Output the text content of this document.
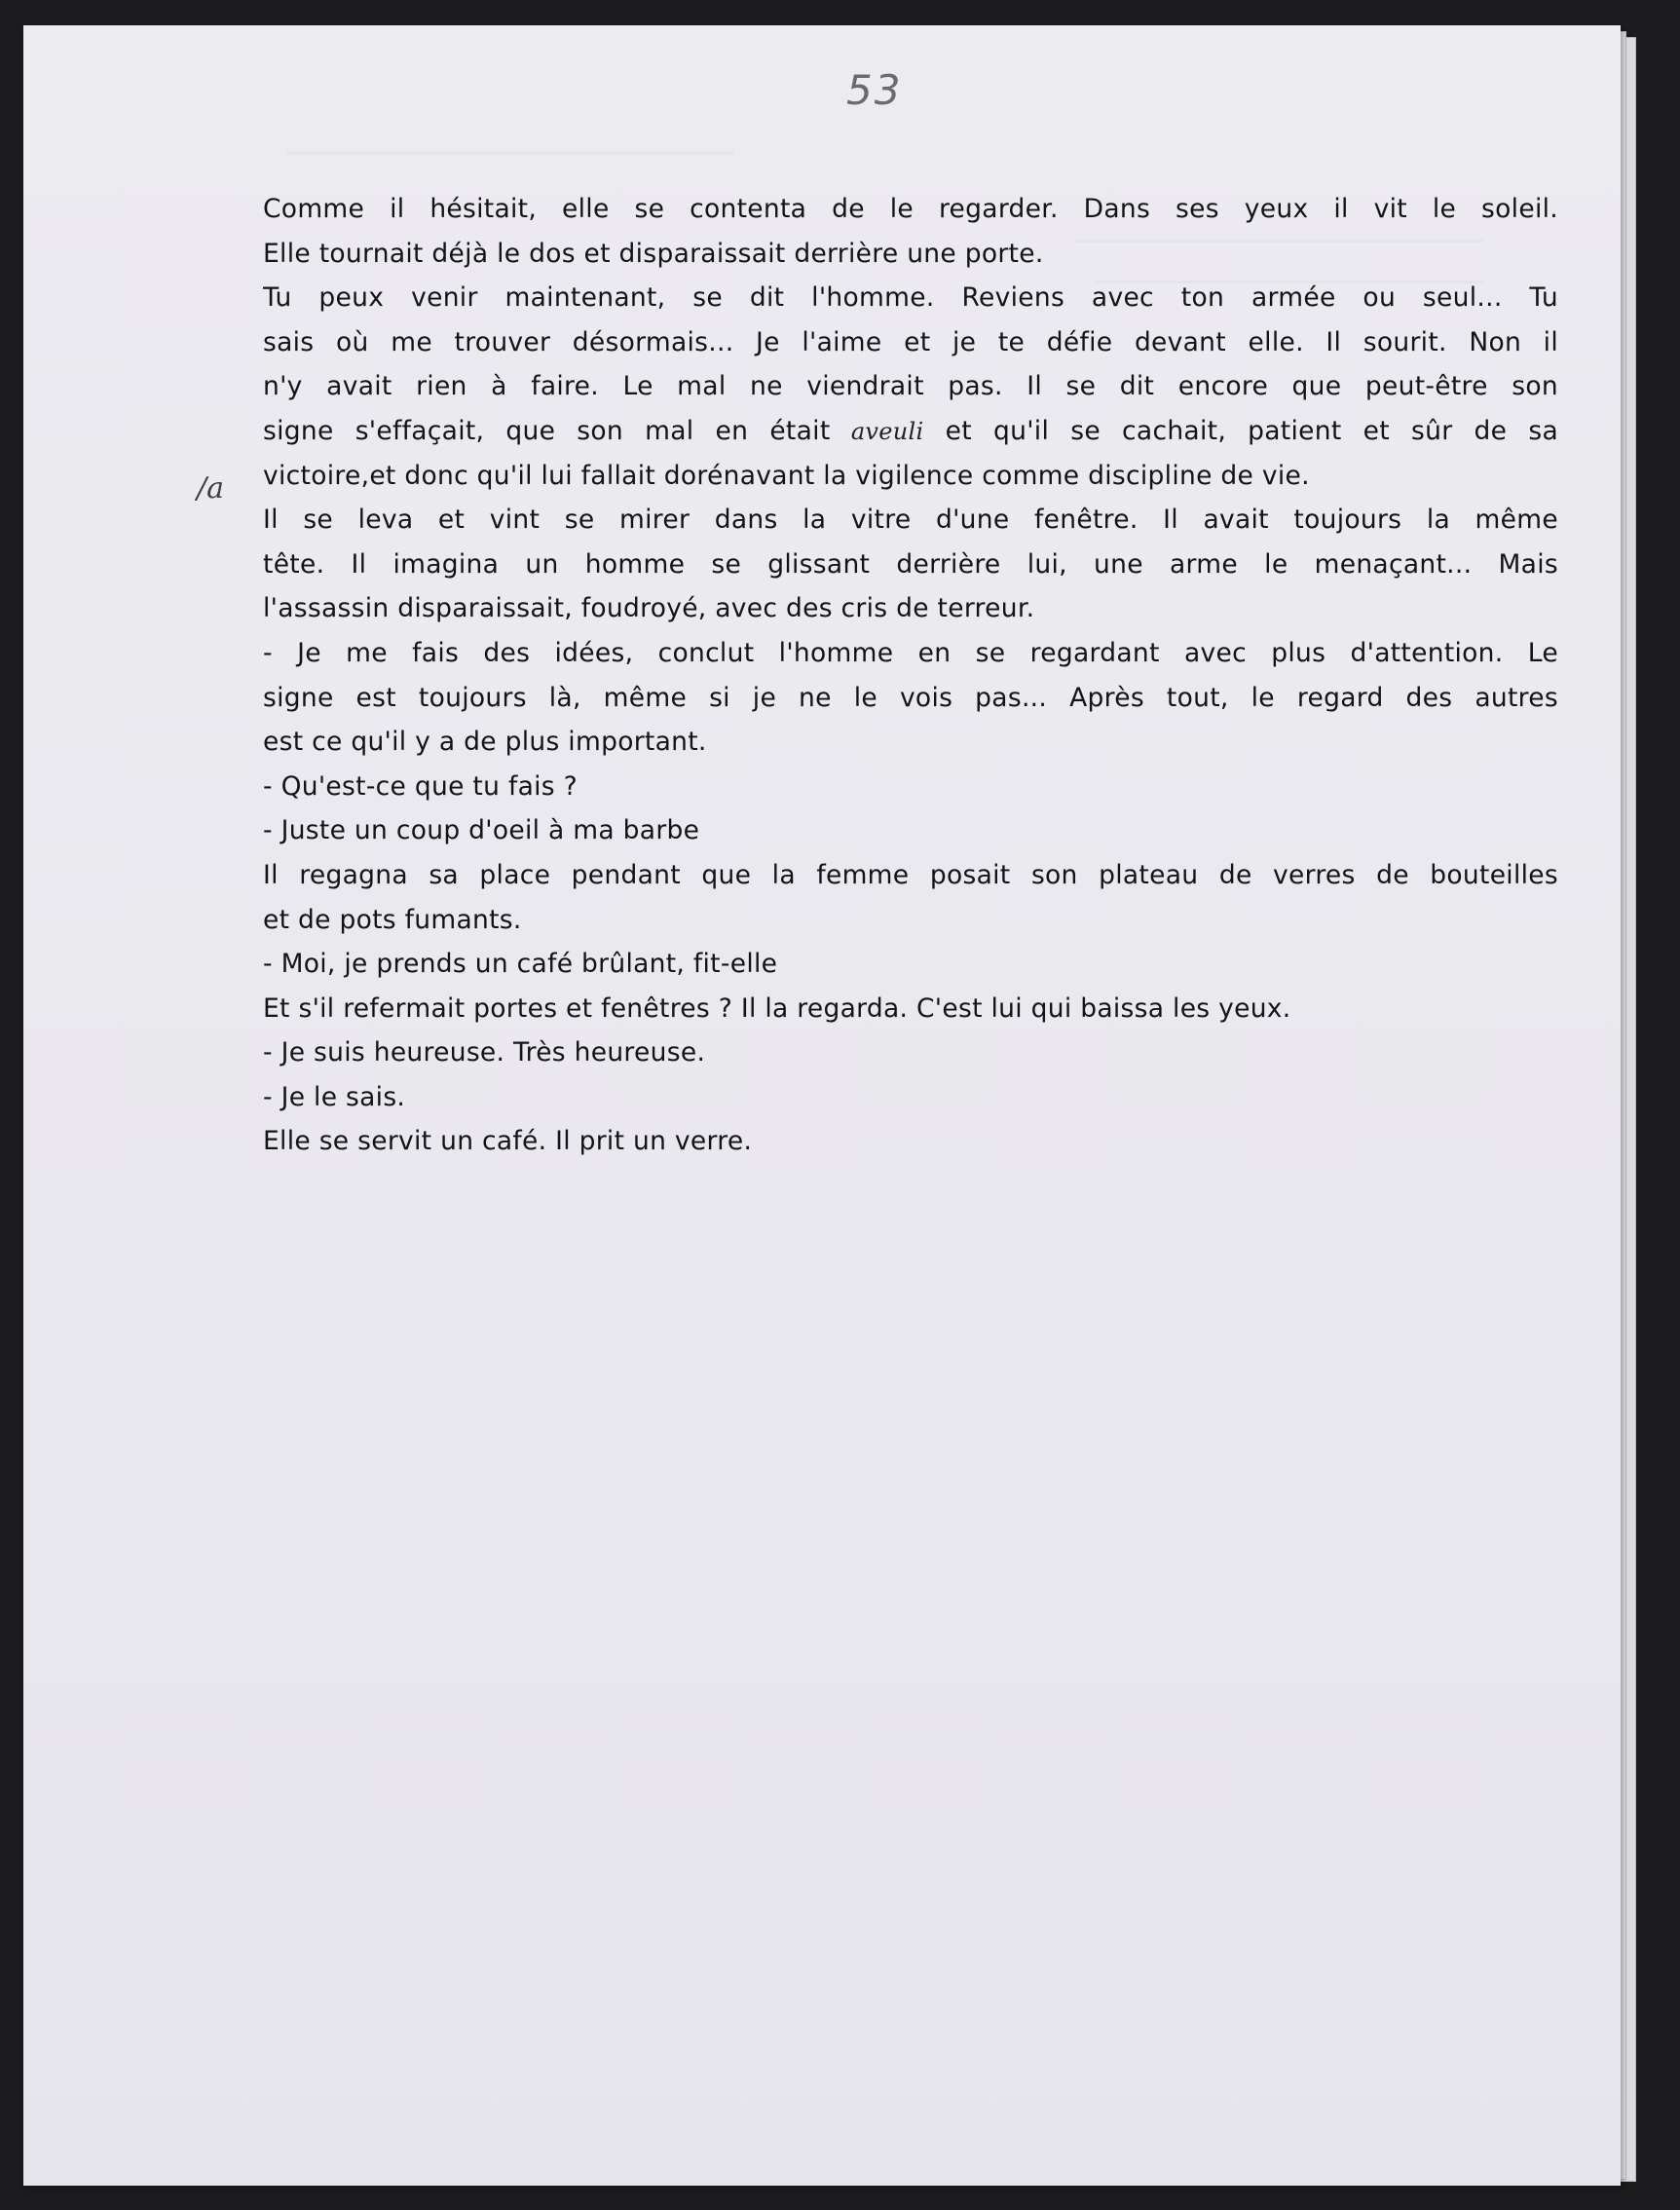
53
/a
Comme il hésitait, elle se contenta de le regarder. Dans ses yeux il vit le soleil.
Elle tournait déjà le dos et disparaissait derrière une porte.
Tu peux venir maintenant, se dit l'homme. Reviens avec ton armée ou seul... Tu
sais où me trouver désormais... Je l'aime et je te défie devant elle. Il sourit. Non il
n'y avait rien à faire. Le mal ne viendrait pas. Il se dit encore que peut-être son
signe s'effaçait, que son mal en était aveuli et qu'il se cachait, patient et sûr de sa
victoire,et donc qu'il lui fallait dorénavant la vigilence comme discipline de vie.
Il se leva et vint se mirer dans la vitre d'une fenêtre. Il avait toujours la même
tête. Il imagina un homme se glissant derrière lui, une arme le menaçant... Mais
l'assassin disparaissait, foudroyé, avec des cris de terreur.
- Je me fais des idées, conclut l'homme en se regardant avec plus d'attention. Le
signe est toujours là, même si je ne le vois pas... Après tout, le regard des autres
est ce qu'il y a de plus important.
- Qu'est-ce que tu fais ?
- Juste un coup d'oeil à ma barbe
Il regagna sa place pendant que la femme posait son plateau de verres de bouteilles
et de pots fumants.
- Moi, je prends un café brûlant, fit-elle
Et s'il refermait portes et fenêtres ? Il la regarda. C'est lui qui baissa les yeux.
- Je suis heureuse. Très heureuse.
- Je le sais.
Elle se servit un café. Il prit un verre.
